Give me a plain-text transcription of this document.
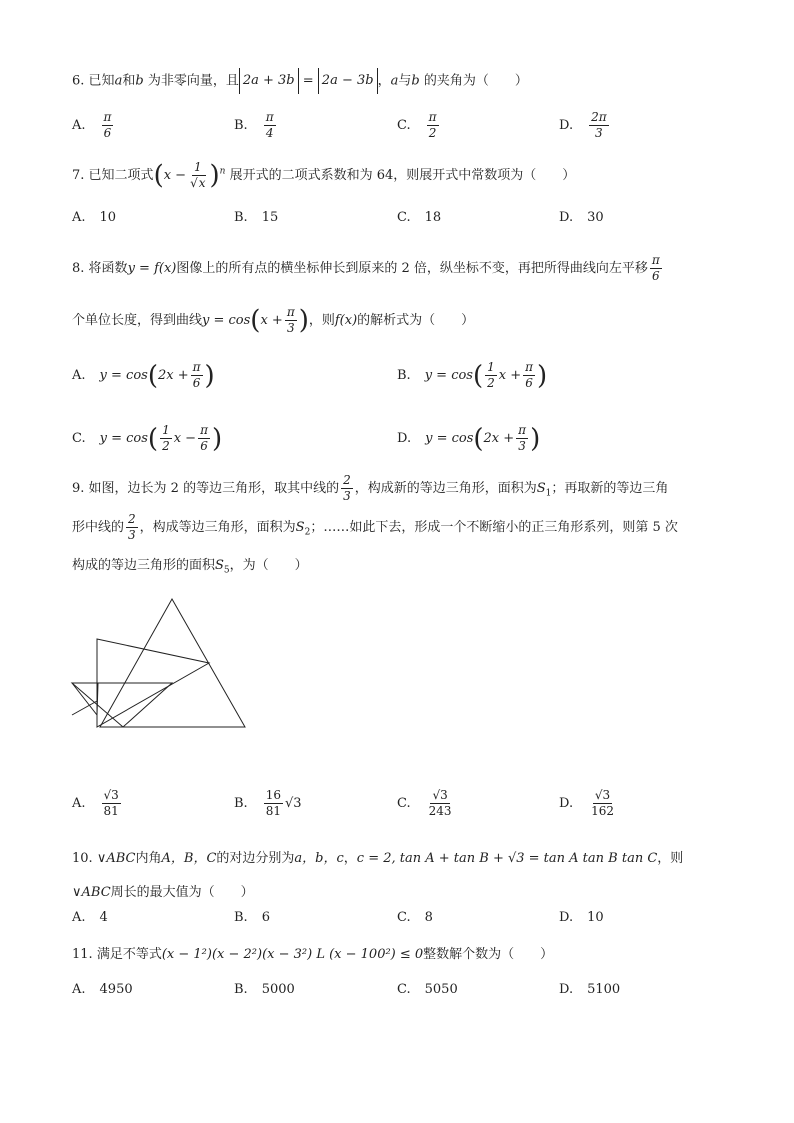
6. 已知a和b 为非零向量，且 2a + 3b = 2a − 3b ，a与b 的夹角为（　　）
A. $\frac{\pi}{6}$	B. $\frac{\pi}{4}$	C. $\frac{\pi}{2}$	D. $\frac{2\pi}{3}$
7. 已知二项式$(x - \frac{1}{√x} )^n$ 展开式的二项式系数和为 64，则展开式中常数项为（　　）
A. 10	B. 15	C. 18	D. 30
8. 将函数y = f(x)图像上的所有点的横坐标伸长到原来的 2 倍，纵坐标不变，再把所得曲线向左平移 $\frac{\pi}{6}$

个单位长度，得到曲线$y = \cos(x + \frac{\pi}{3}$ )，则f(x)的解析式为（　　）
A. y = cos ( $2x + \frac{\pi}{6}$ )	B. y = cos ( $\frac{1}{2}$ $x + \frac{\pi}{6}$ )
C. y = cos ( $\frac{1}{2}$ $x - \frac{\pi}{6}$ )	D. y = cos ( $2x + \frac{\pi}{3}$ )
9. 如图，边长为 2 的等边三角形，取其中线的 $\frac{2}{3}$ ，构成新的等边三角形，面积为$S_1$；再取新的等边三角
形中线的 $\frac{2}{3}$ ，构成等边三角形，面积为$S_2$；……如此下去，形成一个不断缩小的正三角形系列，则第 5 次
构成的等边三角形的面积$S_5$，为（　　）
A. $\frac{√3}{81}$	B. $\frac{16}{81} √3$	C. $\frac{√3}{243}$	D. $\frac{√3}{162}$
10. ∨ABC内角A，B，C的对边分别为a，b，c，c = 2, tan A + tan B + √3 = tan A tan B tan C，则
∨ABC周长的最大值为（　　）
A. 4	B. 6	C. 8	D. 10
11. 满足不等式(x − 1²)(x − 2²)(x − 3²) L (x − 100²) ≤ 0整数解个数为（　　）
A. 4950	B. 5000	C. 5050	D. 5100
